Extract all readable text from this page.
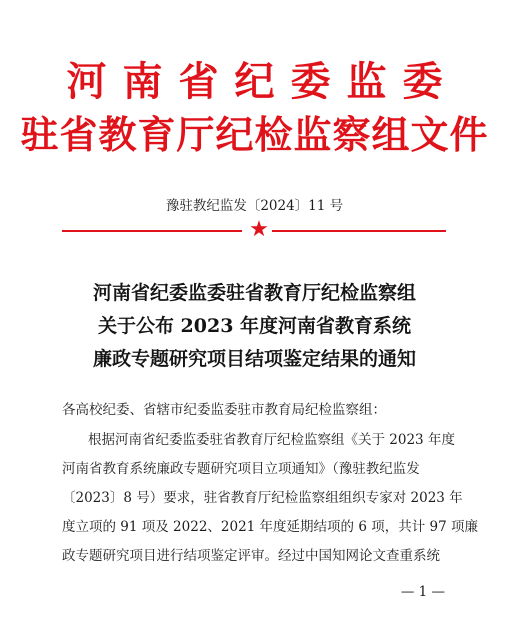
河南省纪委监委
驻省教育厅纪检监察组文件
豫驻教纪监发〔2024〕11 号
★
河南省纪委监委驻省教育厅纪检监察组
关于公布 2023 年度河南省教育系统
廉政专题研究项目结项鉴定结果的通知
各高校纪委、省辖市纪委监委驻市教育局纪检监察组：
根据河南省纪委监委驻省教育厅纪检监察组《关于 2023 年度
河南省教育系统廉政专题研究项目立项通知》（豫驻教纪监发
〔2023〕8 号）要求，驻省教育厅纪检监察组组织专家对 2023 年
度立项的 91 项及 2022、2021 年度延期结项的 6 项，共计 97 项廉
政专题研究项目进行结项鉴定评审。经过中国知网论文查重系统
— 1 —
